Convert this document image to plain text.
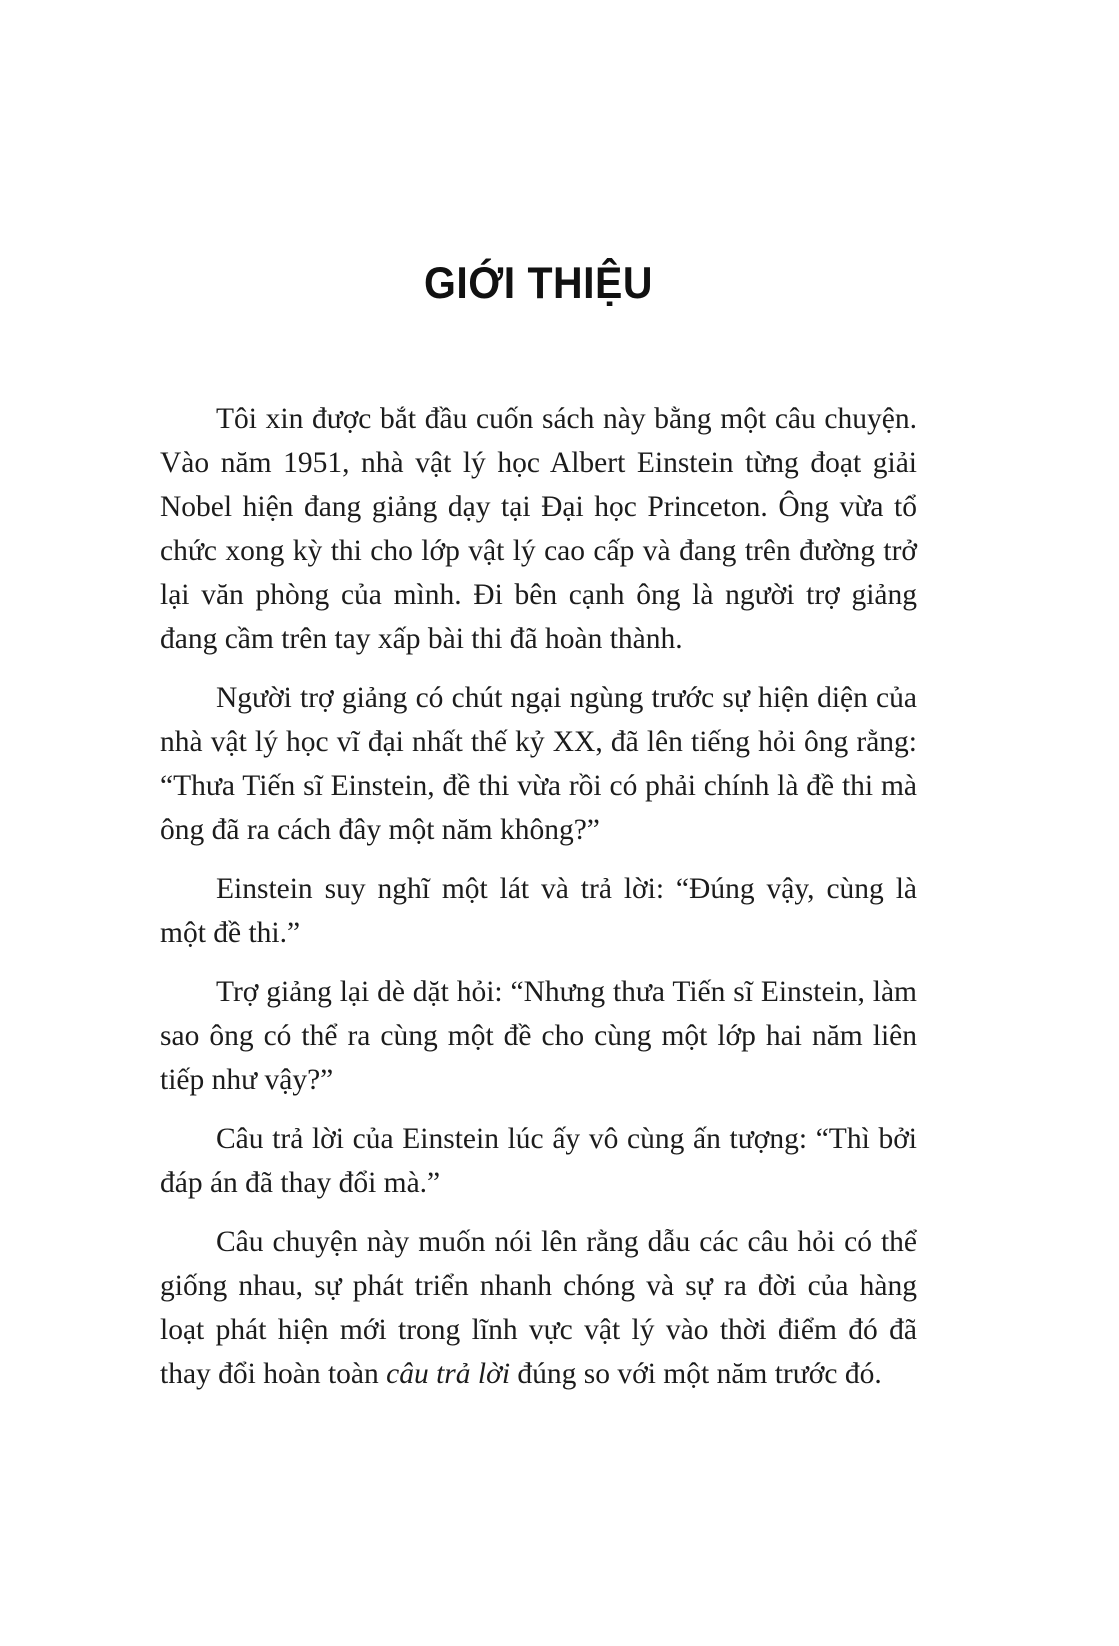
GIỚI THIỆU

Tôi xin được bắt đầu cuốn sách này bằng một câu chuyện. Vào năm 1951, nhà vật lý học Albert Einstein từng đoạt giải Nobel hiện đang giảng dạy tại Đại học Princeton. Ông vừa tổ chức xong kỳ thi cho lớp vật lý cao cấp và đang trên đường trở lại văn phòng của mình. Đi bên cạnh ông là người trợ giảng đang cầm trên tay xấp bài thi đã hoàn thành.

Người trợ giảng có chút ngại ngùng trước sự hiện diện của nhà vật lý học vĩ đại nhất thế kỷ XX, đã lên tiếng hỏi ông rằng: “Thưa Tiến sĩ Einstein, đề thi vừa rồi có phải chính là đề thi mà ông đã ra cách đây một năm không?”

Einstein suy nghĩ một lát và trả lời: “Đúng vậy, cùng là một đề thi.”

Trợ giảng lại dè dặt hỏi: “Nhưng thưa Tiến sĩ Einstein, làm sao ông có thể ra cùng một đề cho cùng một lớp hai năm liên tiếp như vậy?”

Câu trả lời của Einstein lúc ấy vô cùng ấn tượng: “Thì bởi đáp án đã thay đổi mà.”

Câu chuyện này muốn nói lên rằng dẫu các câu hỏi có thể giống nhau, sự phát triển nhanh chóng và sự ra đời của hàng loạt phát hiện mới trong lĩnh vực vật lý vào thời điểm đó đã thay đổi hoàn toàn câu trả lời đúng so với một năm trước đó.
